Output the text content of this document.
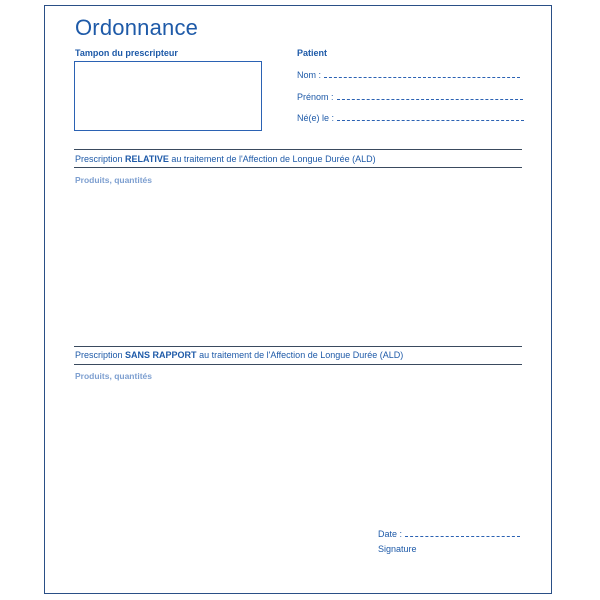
Ordonnance
Tampon du prescripteur	Patient
Nom :
Prénom :
Né(e) le :
Prescription RELATIVE au traitement de l'Affection de Longue Durée (ALD)
Produits, quantités
Prescription SANS RAPPORT au traitement de l'Affection de Longue Durée (ALD)
Produits, quantités
Date :
Signature
